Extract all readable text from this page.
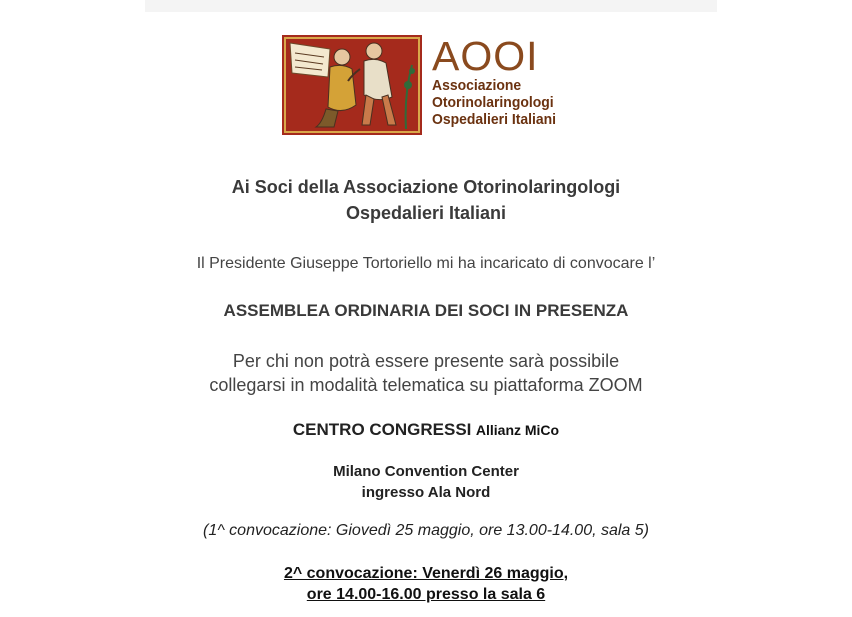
AOOI
Associazione
Otorinolaringologi
Ospedalieri Italiani
Ai Soci della Associazione Otorinolaringologi
Ospedalieri Italiani
Il Presidente Giuseppe Tortoriello mi ha incaricato di convocare l’
ASSEMBLEA ORDINARIA DEI SOCI IN PRESENZA
Per chi non potrà essere presente sarà possibile
collegarsi in modalità telematica su piattaforma ZOOM
CENTRO CONGRESSI Allianz MiCo
Milano Convention Center
ingresso Ala Nord
(1^ convocazione: Giovedì 25 maggio, ore 13.00-14.00, sala 5)
2^ convocazione: Venerdì 26 maggio,
ore 14.00-16.00 presso la sala 6
